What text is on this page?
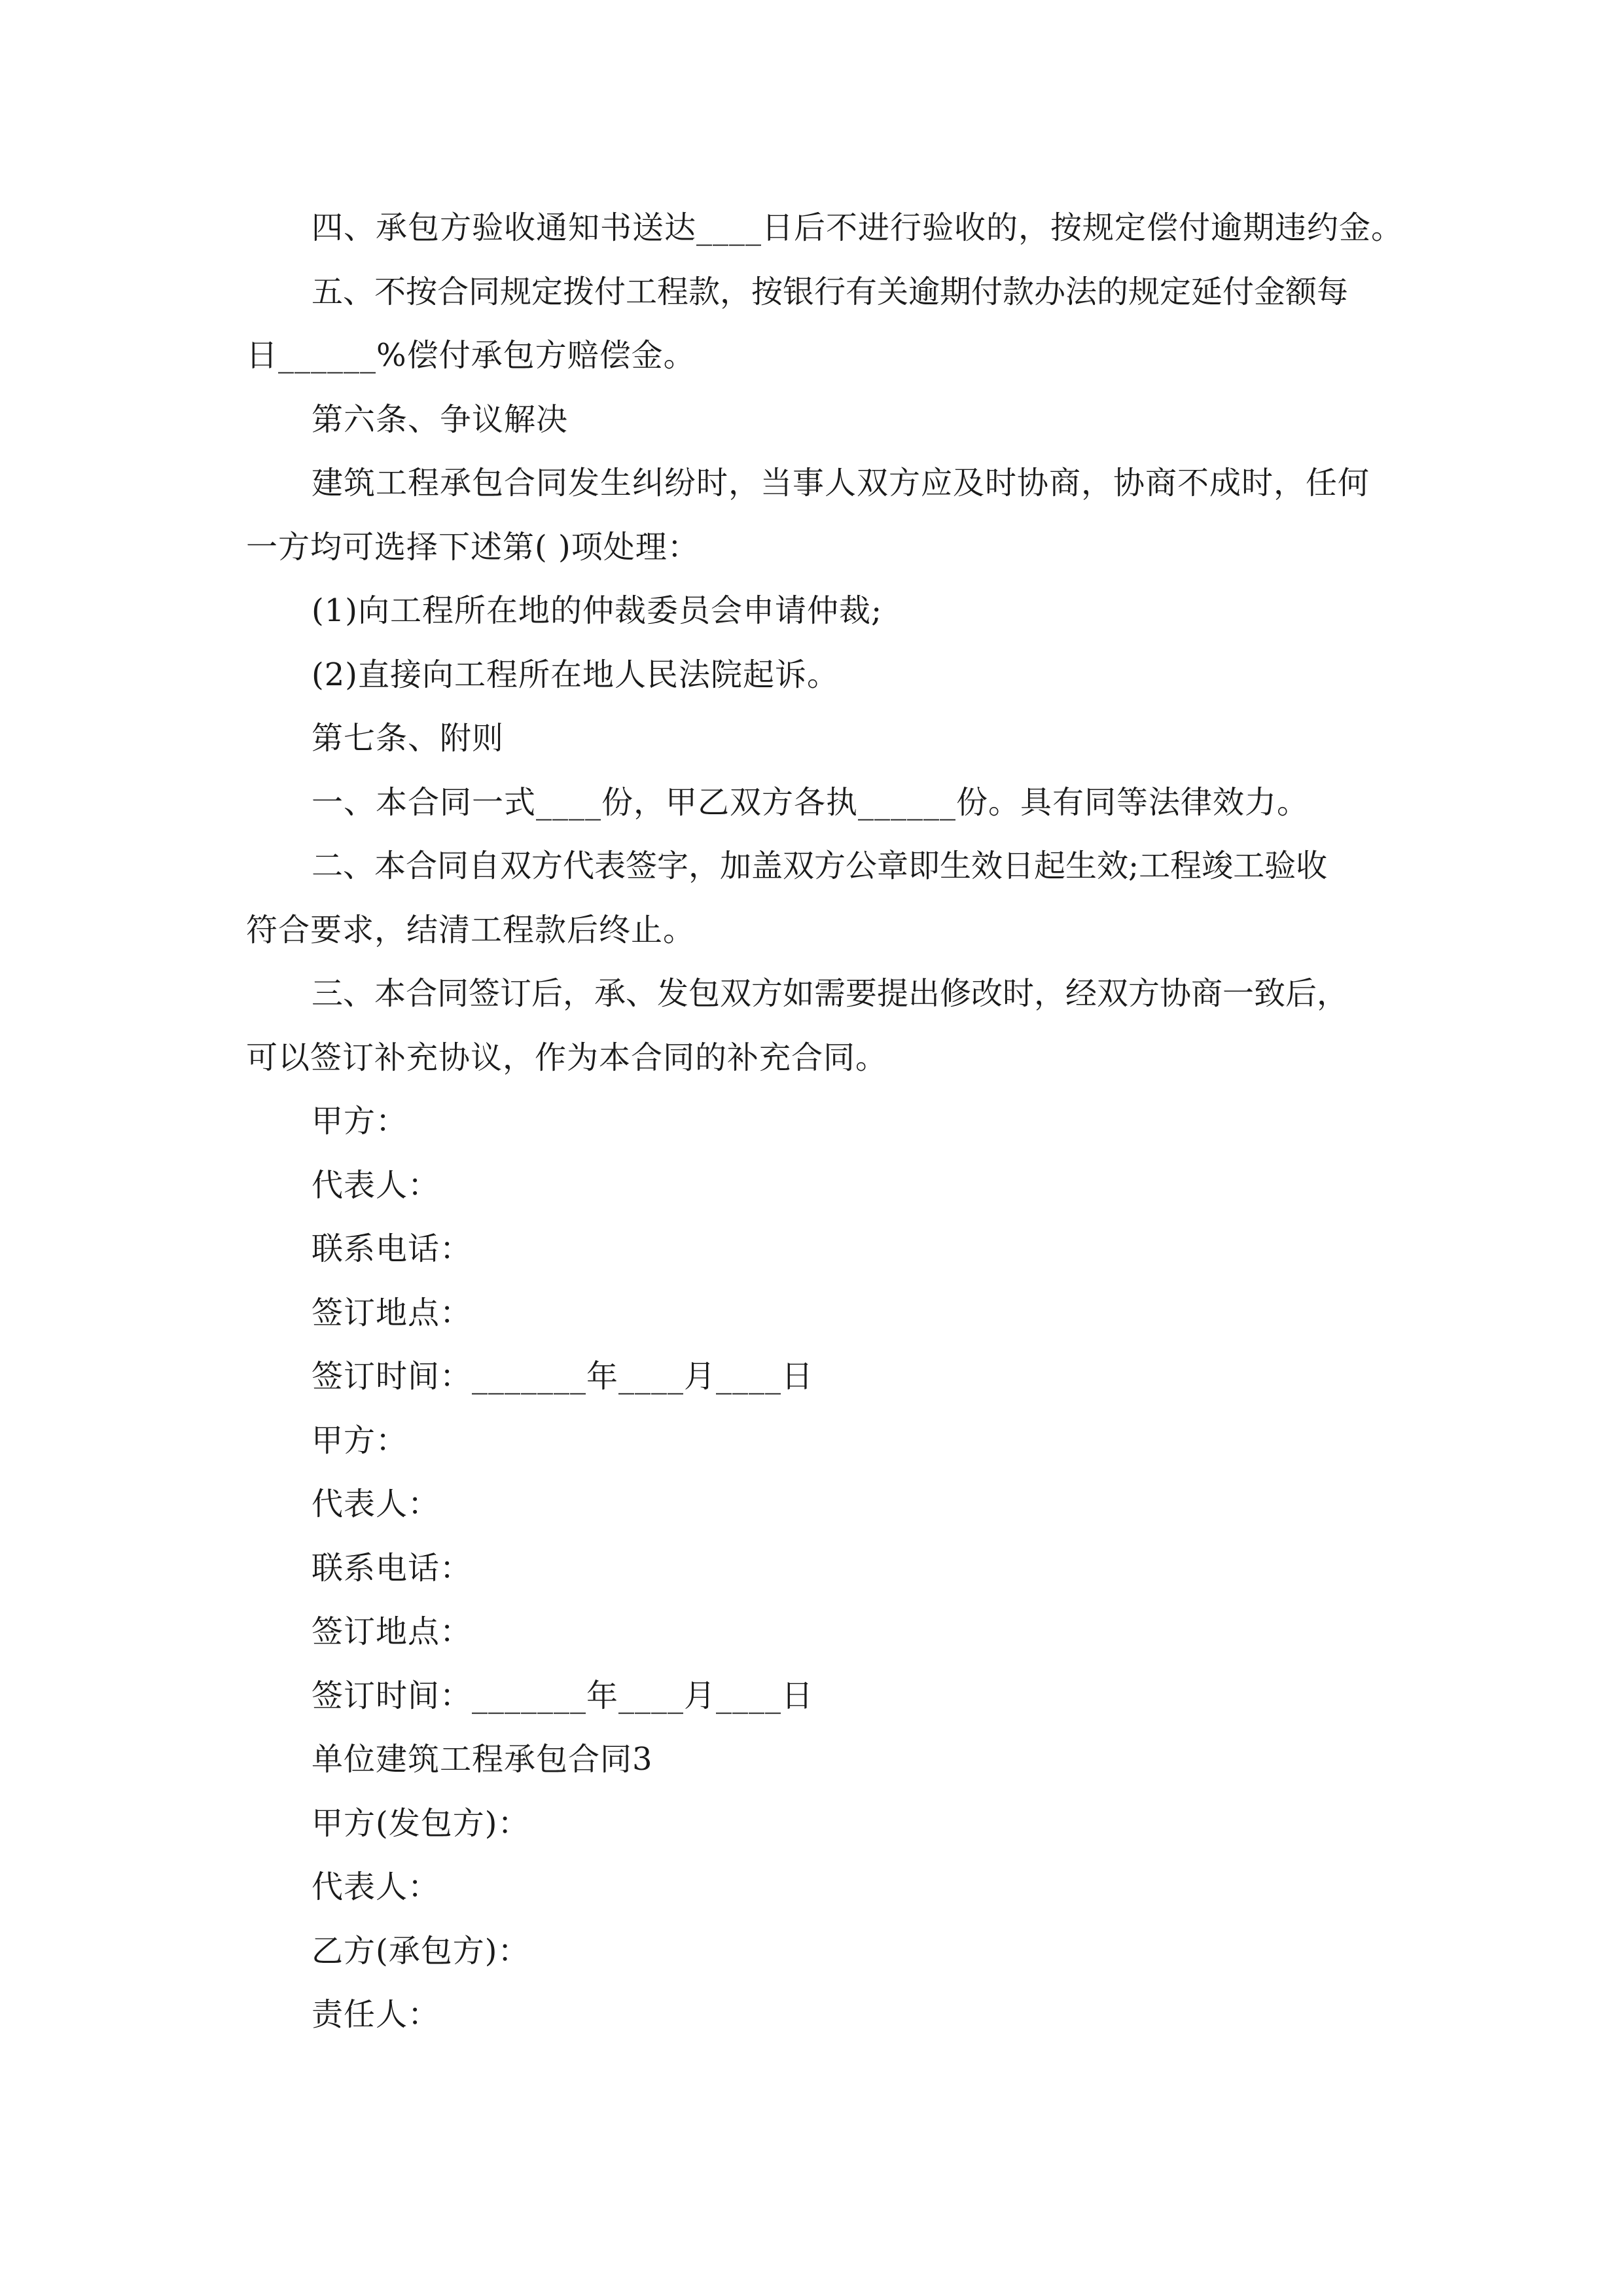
四、承包方验收通知书送达____日后不进行验收的，按规定偿付逾期违约金。
五、不按合同规定拨付工程款，按银行有关逾期付款办法的规定延付金额每
日______%偿付承包方赔偿金。
第六条、争议解决
建筑工程承包合同发生纠纷时，当事人双方应及时协商，协商不成时，任何
一方均可选择下述第( )项处理：
(1)向工程所在地的仲裁委员会申请仲裁;
(2)直接向工程所在地人民法院起诉。
第七条、附则
一、本合同一式____份，甲乙双方各执______份。具有同等法律效力。
二、本合同自双方代表签字，加盖双方公章即生效日起生效;工程竣工验收
符合要求，结清工程款后终止。
三、本合同签订后，承、发包双方如需要提出修改时，经双方协商一致后，
可以签订补充协议，作为本合同的补充合同。
甲方：
代表人：
联系电话：
签订地点：
签订时间：_______年____月____日
甲方：
代表人：
联系电话：
签订地点：
签订时间：_______年____月____日
单位建筑工程承包合同3
甲方(发包方)：
代表人：
乙方(承包方)：
责任人：
